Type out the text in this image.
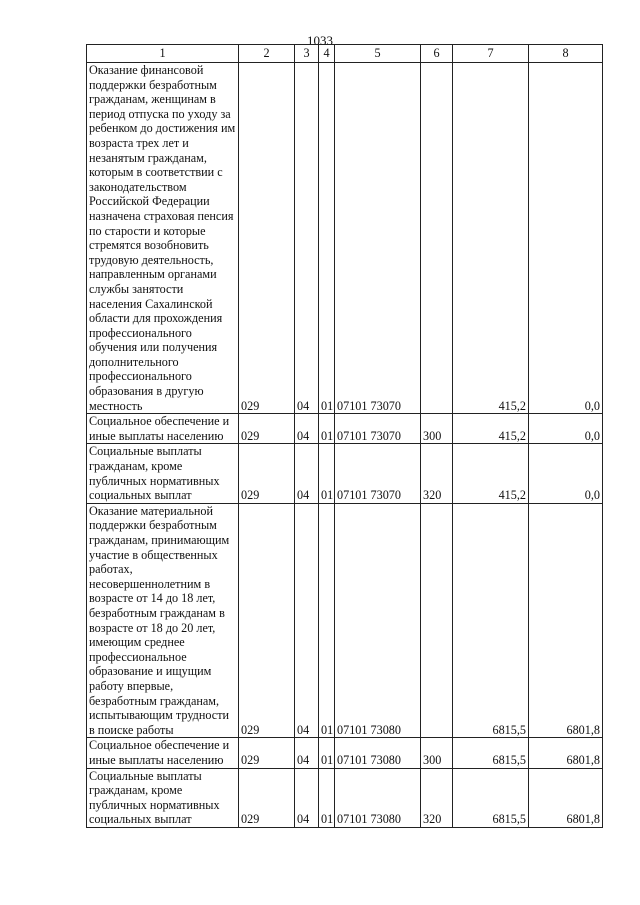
1033
1	2	3	4	5	6	7	8
Оказание финансовой поддержки безработным гражданам, женщинам в период отпуска по уходу за ребенком до достижения им возраста трех лет и незанятым гражданам, которым в соответствии с законодательством Российской Федерации назначена страховая пенсия по старости и которые стремятся возобновить трудовую деятельность, направленным органами службы занятости населения Сахалинской области для прохождения профессионального обучения или получения дополнительного профессионального образования в другую местность	029	04	01	07101 73070		415,2	0,0
Социальное обеспечение и иные выплаты населению	029	04	01	07101 73070	300	415,2	0,0
Социальные выплаты гражданам, кроме публичных нормативных социальных выплат	029	04	01	07101 73070	320	415,2	0,0
Оказание материальной поддержки безработным гражданам, принимающим участие в общественных работах, несовершеннолетним в возрасте от 14 до 18 лет, безработным гражданам в возрасте от 18 до 20 лет, имеющим среднее профессиональное образование и ищущим работу впервые, безработным гражданам, испытывающим трудности в поиске работы	029	04	01	07101 73080		6815,5	6801,8
Социальное обеспечение и иные выплаты населению	029	04	01	07101 73080	300	6815,5	6801,8
Социальные выплаты гражданам, кроме публичных нормативных социальных выплат	029	04	01	07101 73080	320	6815,5	6801,8
